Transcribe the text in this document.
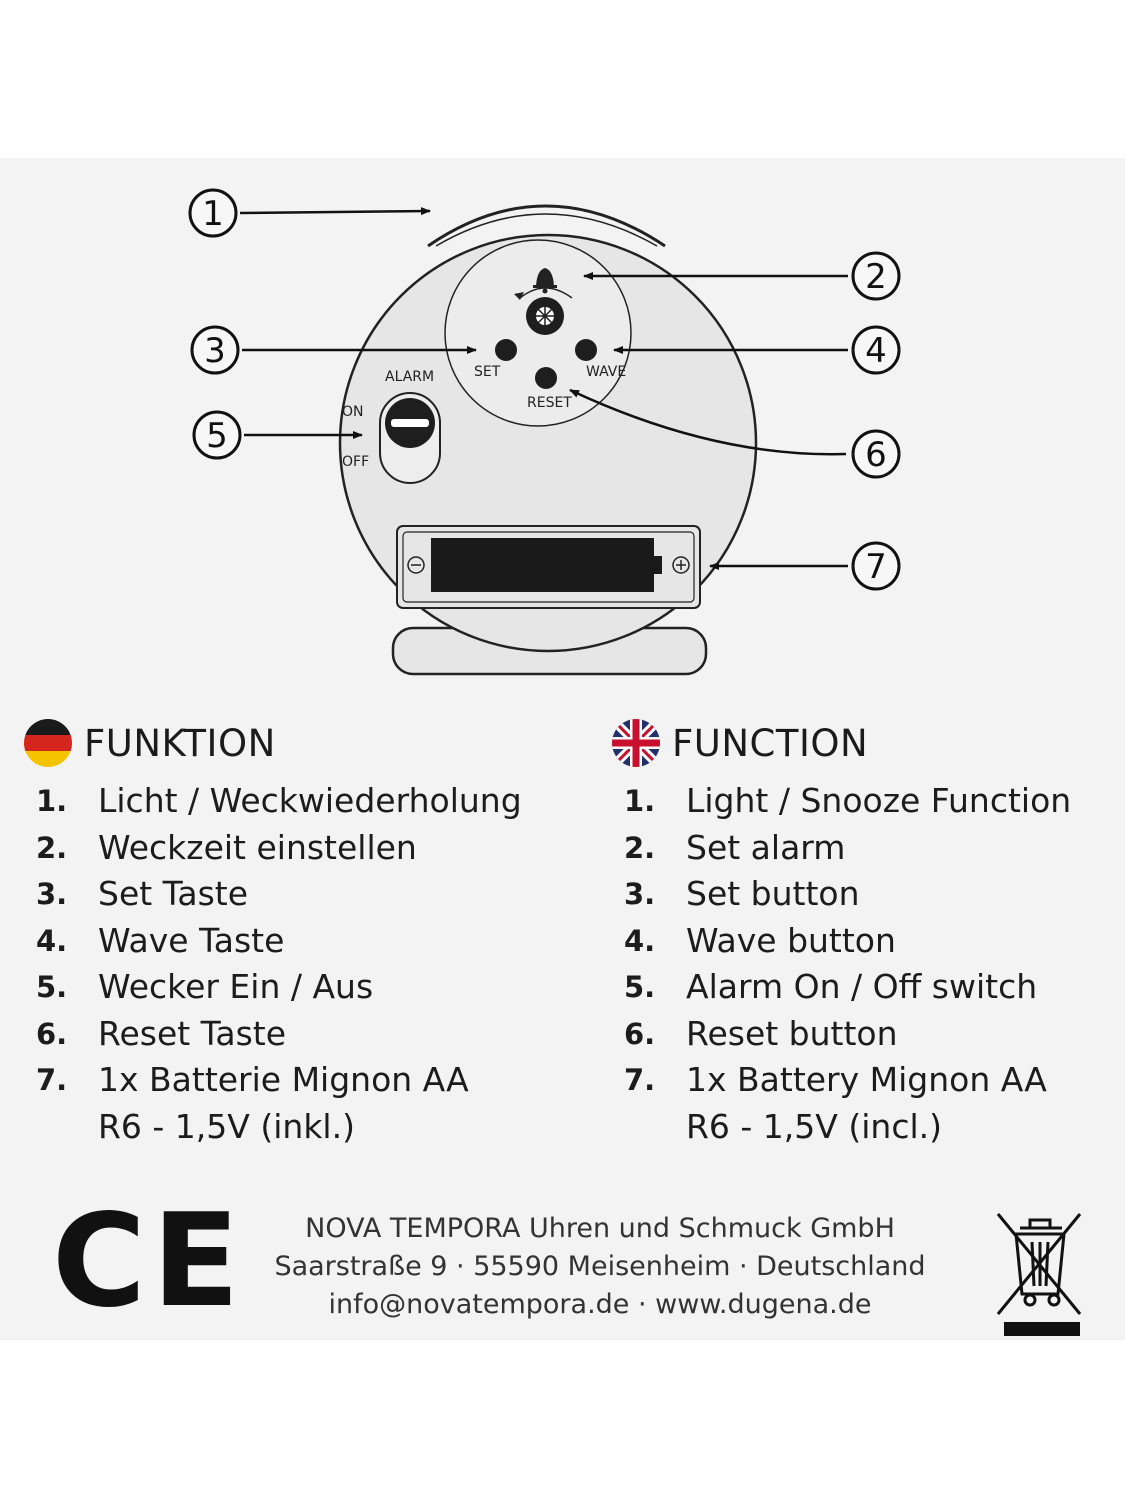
SET	WAVE
RESET
ALARM
ON
OFF
1
2
3	4
5	6
7
FUNKTION
1. Licht / Weckwiederholung
2. Weckzeit einstellen
3. Set Taste
4. Wave Taste
5. Wecker Ein / Aus
6. Reset Taste
7. 1x Batterie Mignon AA
R6 - 1,5V (inkl.)
FUNCTION
1. Light / Snooze Function
2. Set alarm
3. Set button
4. Wave button
5. Alarm On / Off switch
6. Reset button
7. 1x Battery Mignon AA
R6 - 1,5V (incl.)
CE	NOVA TEMPORA Uhren und Schmuck GmbH
Saarstraße 9 · 55590 Meisenheim · Deutschland
info@novatempora.de · www.dugena.de
